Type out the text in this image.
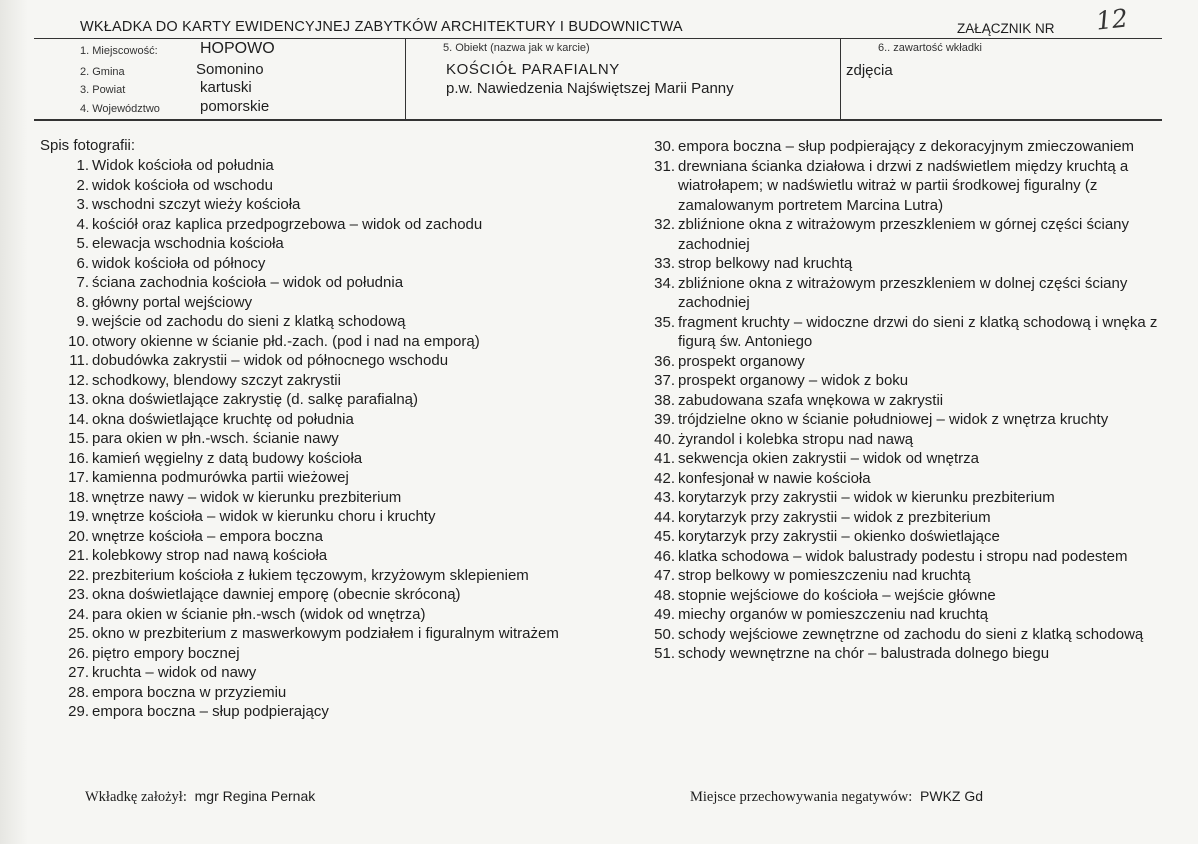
WKŁADKA DO KARTY EWIDENCYJNEJ ZABYTKÓW ARCHITEKTURY I BUDOWNICTWA	ZAŁĄCZNIK NR 12
1. Miejscowość:	HOPOWO
2. Gmina	Somonino
3. Powiat	kartuski
4. Województwo	pomorskie
5. Obiekt (nazwa jak w karcie)
KOŚCIÓŁ PARAFIALNY
p.w. Nawiedzenia Najświętszej Marii Panny
6.. zawartość wkładki
zdjęcia
Spis fotografii:
1. Widok kościoła od południa
2. widok kościoła od wschodu
3. wschodni szczyt wieży kościoła
4. kościół oraz kaplica przedpogrzebowa – widok od zachodu
5. elewacja wschodnia kościoła
6. widok kościoła od północy
7. ściana zachodnia kościoła – widok od południa
8. główny portal wejściowy
9. wejście od zachodu do sieni z klatką schodową
10. otwory okienne w ścianie płd.-zach. (pod i nad na emporą)
11. dobudówka zakrystii – widok od północnego wschodu
12. schodkowy, blendowy szczyt zakrystii
13. okna doświetlające zakrystię (d. salkę parafialną)
14. okna doświetlające kruchtę od południa
15. para okien w płn.-wsch. ścianie nawy
16. kamień węgielny z datą budowy kościoła
17. kamienna podmurówka partii wieżowej
18. wnętrze nawy – widok w kierunku prezbiterium
19. wnętrze kościoła – widok w kierunku choru i kruchty
20. wnętrze kościoła – empora boczna
21. kolebkowy strop nad nawą kościoła
22. prezbiterium kościoła z łukiem tęczowym, krzyżowym sklepieniem
23. okna doświetlające dawniej emporę (obecnie skróconą)
24. para okien w ścianie płn.-wsch (widok od wnętrza)
25. okno w prezbiterium z maswerkowym podziałem i figuralnym witrażem
26. piętro empory bocznej
27. kruchta – widok od nawy
28. empora boczna w przyziemiu
29. empora boczna – słup podpierający
30. empora boczna – słup podpierający z dekoracyjnym zmieczowaniem
31. drewniana ścianka działowa i drzwi z nadświetlem między kruchtą a wiatrołapem; w nadświetlu witraż w partii środkowej figuralny (z zamalowanym portretem Marcina Lutra)
32. zbliźnione okna z witrażowym przeszkleniem w górnej części ściany zachodniej
33. strop belkowy nad kruchtą
34. zbliźnione okna z witrażowym przeszkleniem w dolnej części ściany zachodniej
35. fragment kruchty – widoczne drzwi do sieni z klatką schodową i wnęka z figurą św. Antoniego
36. prospekt organowy
37. prospekt organowy – widok z boku
38. zabudowana szafa wnękowa w zakrystii
39. trójdzielne okno w ścianie południowej – widok z wnętrza kruchty
40. żyrandol i kolebka stropu nad nawą
41. sekwencja okien zakrystii – widok od wnętrza
42. konfesjonał w nawie kościoła
43. korytarzyk przy zakrystii – widok w kierunku prezbiterium
44. korytarzyk przy zakrystii – widok z prezbiterium
45. korytarzyk przy zakrystii – okienko doświetlające
46. klatka schodowa – widok balustrady podestu i stropu nad podestem
47. strop belkowy w pomieszczeniu nad kruchtą
48. stopnie wejściowe do kościoła – wejście główne
49. miechy organów w pomieszczeniu nad kruchtą
50. schody wejściowe zewnętrzne od zachodu do sieni z klatką schodową
51. schody wewnętrzne na chór – balustrada dolnego biegu
Wkładkę założył: mgr Regina Pernak	Miejsce przechowywania negatywów: PWKZ Gd
